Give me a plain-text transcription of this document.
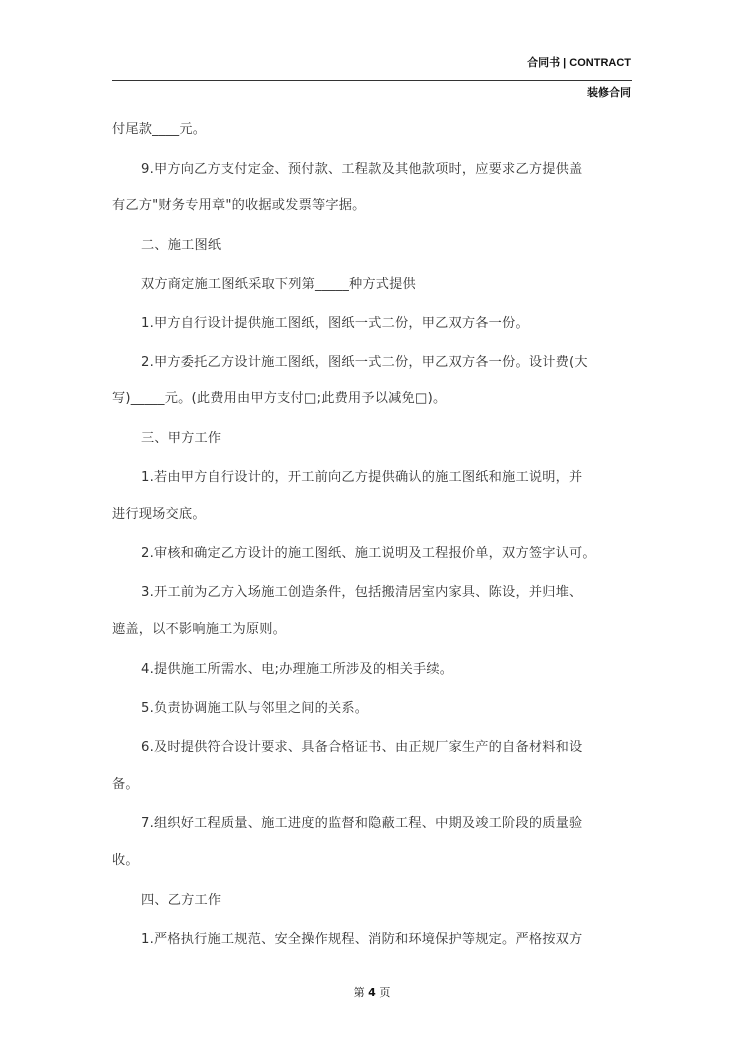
合同书 | CONTRACT
装修合同
付尾款____元。
9.甲方向乙方支付定金、预付款、工程款及其他款项时，应要求乙方提供盖
有乙方"财务专用章"的收据或发票等字据。
二、施工图纸
双方商定施工图纸采取下列第_____种方式提供
1.甲方自行设计提供施工图纸，图纸一式二份，甲乙双方各一份。
2.甲方委托乙方设计施工图纸，图纸一式二份，甲乙双方各一份。设计费(大
写)_____元。(此费用由甲方支付□;此费用予以减免□)。
三、甲方工作
1.若由甲方自行设计的，开工前向乙方提供确认的施工图纸和施工说明，并
进行现场交底。
2.审核和确定乙方设计的施工图纸、施工说明及工程报价单，双方签字认可。
3.开工前为乙方入场施工创造条件，包括搬清居室内家具、陈设，并归堆、
遮盖，以不影响施工为原则。
4.提供施工所需水、电;办理施工所涉及的相关手续。
5.负责协调施工队与邻里之间的关系。
6.及时提供符合设计要求、具备合格证书、由正规厂家生产的自备材料和设
备。
7.组织好工程质量、施工进度的监督和隐蔽工程、中期及竣工阶段的质量验
收。
四、乙方工作
1.严格执行施工规范、安全操作规程、消防和环境保护等规定。严格按双方
第 4 页
